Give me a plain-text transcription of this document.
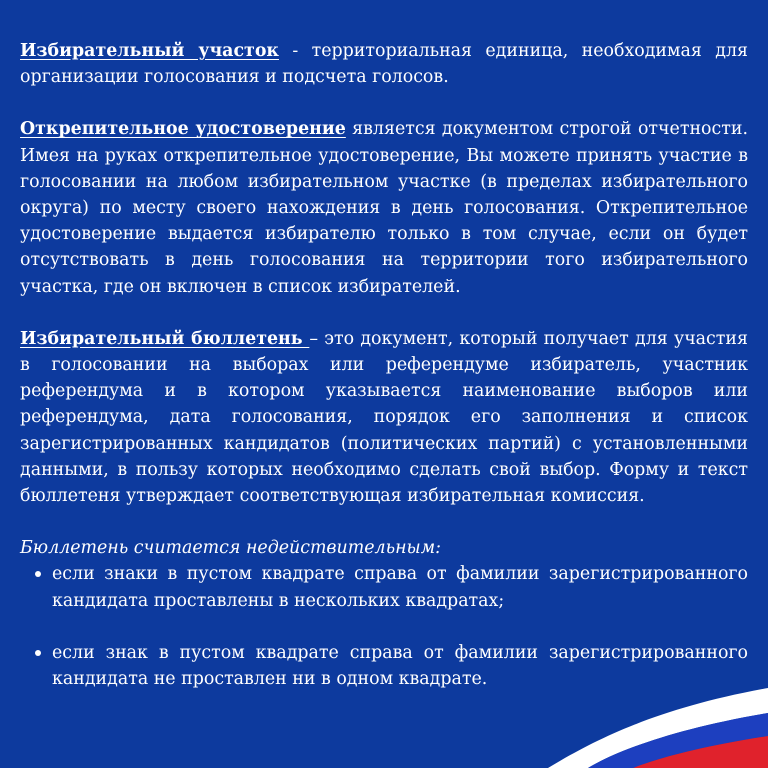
Избирательный участок - территориальная единица, необходимая для организации голосования и подсчета голосов.

Открепительное удостоверение является документом строгой отчетности. Имея на руках открепительное удостоверение, Вы можете принять участие в голосовании на любом избирательном участке (в пределах избирательного округа) по месту своего нахождения в день голосования. Открепительное удостоверение выдается избирателю только в том случае, если он будет отсутствовать в день голосования на территории того избирательного участка, где он включен в список избирателей.

Избирательный бюллетень – это документ, который получает для участия в голосовании на выборах или референдуме избиратель, участник референдума и в котором указывается наименование выборов или референдума, дата голосования, порядок его заполнения и список зарегистрированных кандидатов (политических партий) с установленными данными, в пользу которых необходимо сделать свой выбор. Форму и текст бюллетеня утверждает соответствующая избирательная комиссия.

Бюллетень считается недействительным:

если знаки в пустом квадрате справа от фамилии зарегистрированного кандидата проставлены в нескольких квадратах;
если знак в пустом квадрате справа от фамилии зарегистрированного кандидата не проставлен ни в одном квадрате.
